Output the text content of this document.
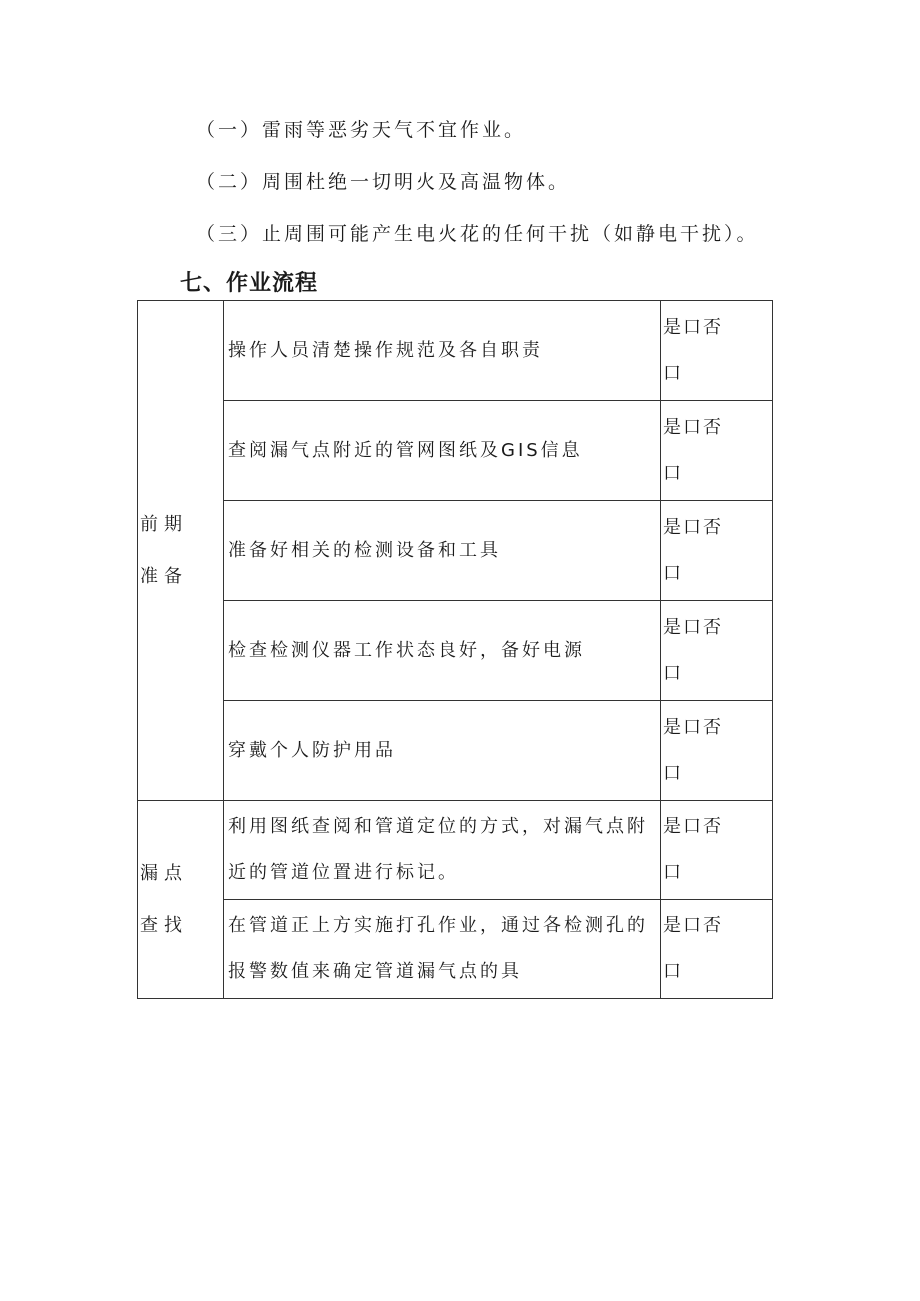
（一）雷雨等恶劣天气不宜作业。
（二）周围杜绝一切明火及高温物体。
（三）止周围可能产生电火花的任何干扰（如静电干扰）。
七、作业流程
前期准备	操作人员清楚操作规范及各自职责	是口否口

	查阅漏气点附近的管网图纸及GIS信息	是口否口

	准备好相关的检测设备和工具	是口否口

	检查检测仪器工作状态良好，备好电源	是口否口

	穿戴个人防护用品	是口否口

漏点查找	利用图纸查阅和管道定位的方式，对漏气点附近的管道位置进行标记。	是口否口

	在管道正上方实施打孔作业，通过各检测孔的报警数值来确定管道漏气点的具	是口否口
